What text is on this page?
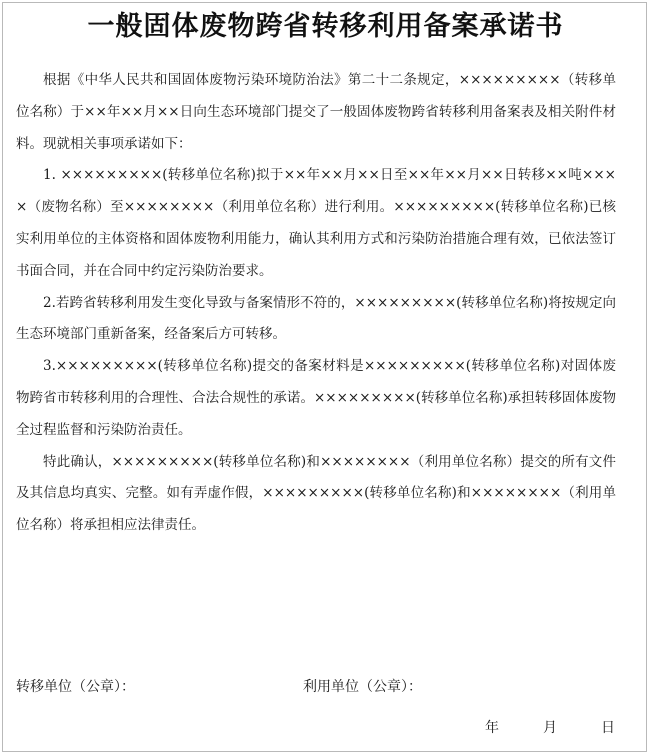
一般固体废物跨省转移利用备案承诺书

根据《中华人民共和国固体废物污染环境防治法》第二十二条规定，×××××××××（转移单位名称）于××年××月××日向生态环境部门提交了一般固体废物跨省转移利用备案表及相关附件材料。现就相关事项承诺如下：

1. ×××××××××(转移单位名称)拟于××年××月××日至××年××月××日转移××吨××××（废物名称）至××××××××（利用单位名称）进行利用。×××××××××(转移单位名称)已核实利用单位的主体资格和固体废物利用能力，确认其利用方式和污染防治措施合理有效，已依法签订书面合同，并在合同中约定污染防治要求。

2.若跨省转移利用发生变化导致与备案情形不符的，×××××××××(转移单位名称)将按规定向生态环境部门重新备案，经备案后方可转移。

3.×××××××××(转移单位名称)提交的备案材料是×××××××××(转移单位名称)对固体废物跨省市转移利用的合理性、合法合规性的承诺。×××××××××(转移单位名称)承担转移固体废物全过程监督和污染防治责任。

特此确认，×××××××××(转移单位名称)和××××××××（利用单位名称）提交的所有文件及其信息均真实、完整。如有弄虚作假，×××××××××(转移单位名称)和××××××××（利用单位名称）将承担相应法律责任。

转移单位（公章）：	利用单位（公章）：
年	月	日
